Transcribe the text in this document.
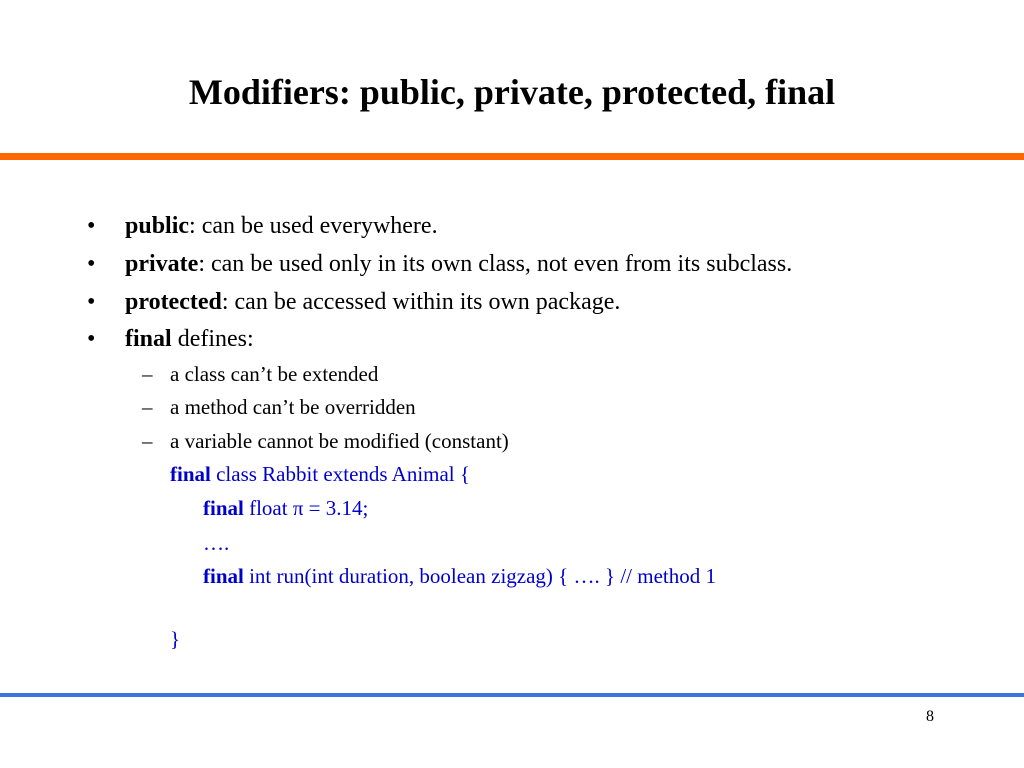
Modifiers: public, private, protected, final
• public: can be used everywhere.
• private: can be used only in its own class, not even from its subclass.
• protected: can be accessed within its own package.
• final defines:
– a class can’t be extended
– a method can’t be overridden
– a variable cannot be modified (constant)
final class Rabbit extends Animal {
final float π = 3.14;
….
final int run(int duration, boolean zigzag) { …. } // method 1
}
8
